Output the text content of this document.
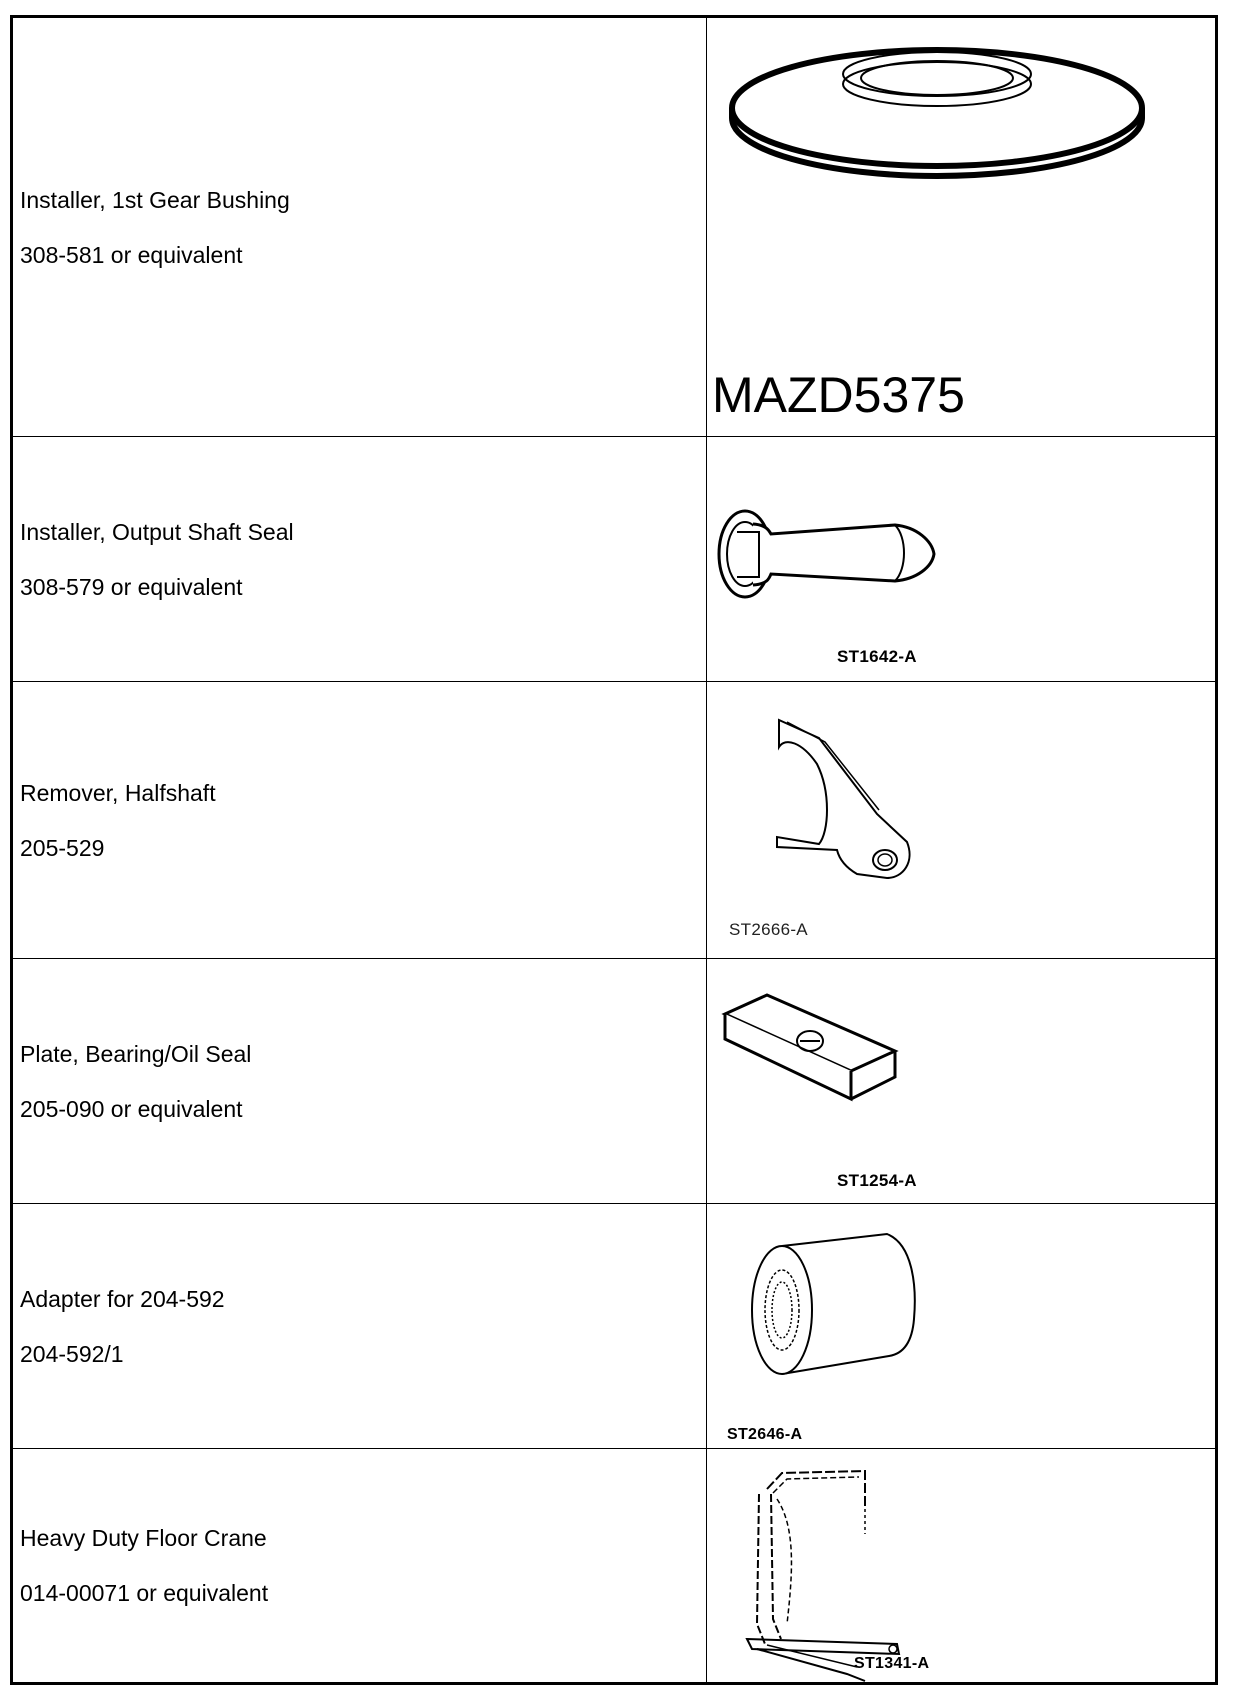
Installer, 1st Gear Bushing

308-581 or equivalent

MAZD5375

Installer, Output Shaft Seal

308-579 or equivalent

ST1642-A

Remover, Halfshaft

205-529

ST2666-A

Plate, Bearing/Oil Seal

205-090 or equivalent

ST1254-A

Adapter for 204-592

204-592/1

ST2646-A

Heavy Duty Floor Crane

014-00071 or equivalent

ST1341-A
